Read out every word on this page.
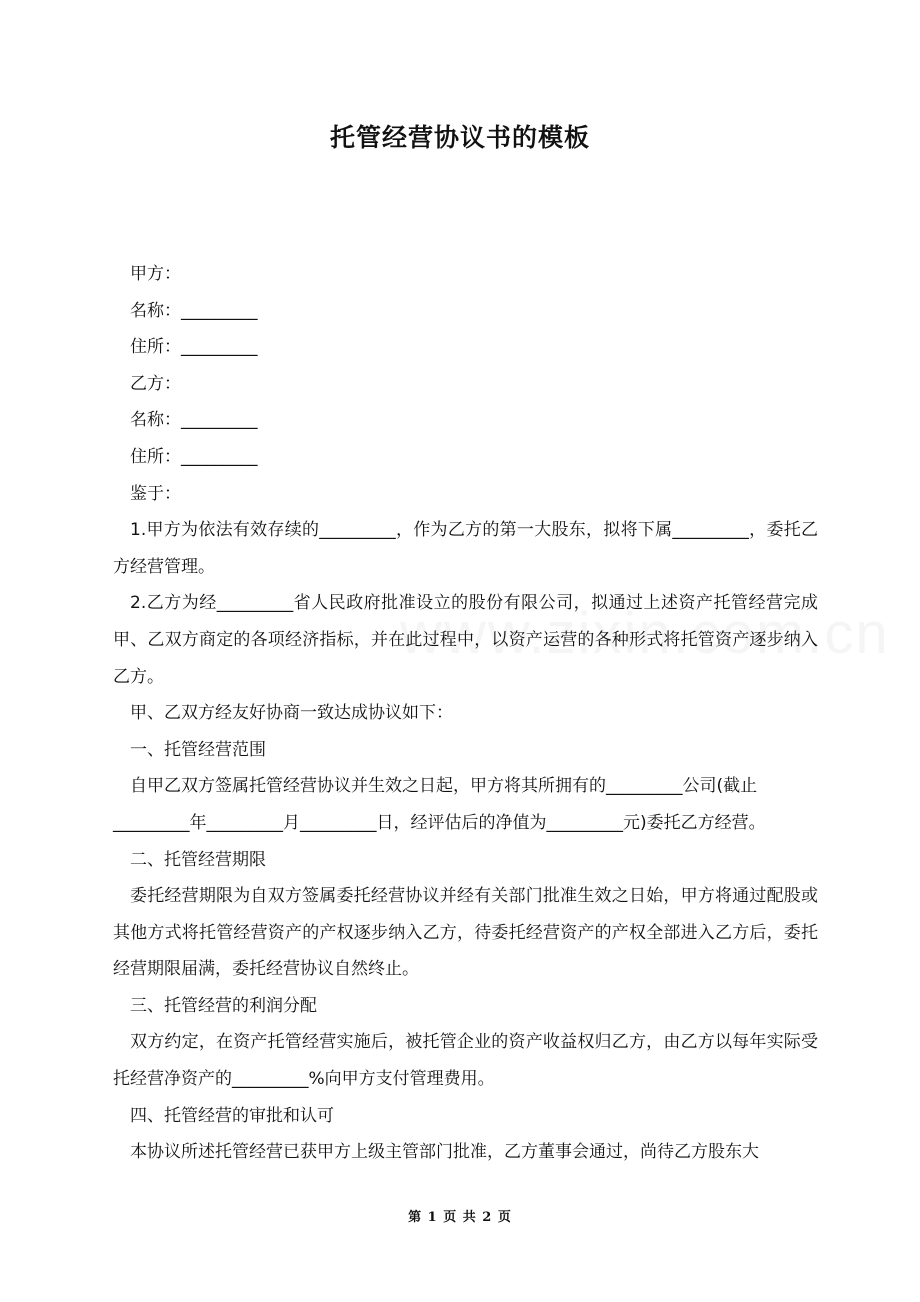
托管经营协议书的模板

甲方：

名称：_________

住所：_________

乙方：

名称：_________

住所：_________

鉴于：

1.甲方为依法有效存续的_________，作为乙方的第一大股东，拟将下属_________，委托乙方经营管理。

2.乙方为经_________省人民政府批准设立的股份有限公司，拟通过上述资产托管经营完成甲、乙双方商定的各项经济指标，并在此过程中，以资产运营的各种形式将托管资产逐步纳入乙方。

甲、乙双方经友好协商一致达成协议如下：

一、托管经营范围

自甲乙双方签属托管经营协议并生效之日起，甲方将其所拥有的_________公司(截止

_________年_________月_________日，经评估后的净值为_________元)委托乙方经营。

二、托管经营期限

委托经营期限为自双方签属委托经营协议并经有关部门批准生效之日始，甲方将通过配股或其他方式将托管经营资产的产权逐步纳入乙方，待委托经营资产的产权全部进入乙方后，委托经营期限届满，委托经营协议自然终止。

三、托管经营的利润分配

双方约定，在资产托管经营实施后，被托管企业的资产收益权归乙方，由乙方以每年实际受托经营净资产的_________%向甲方支付管理费用。

四、托管经营的审批和认可

本协议所述托管经营已获甲方上级主管部门批准，乙方董事会通过，尚待乙方股东大

第 1 页 共 2 页
